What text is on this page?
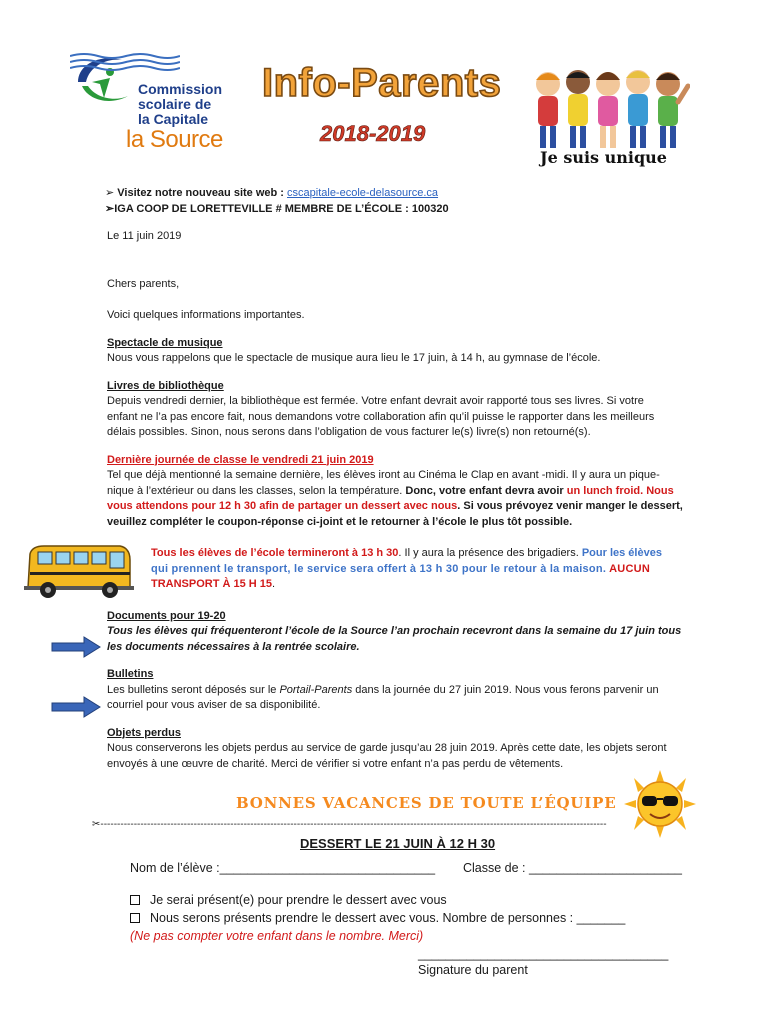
Commission
scolaire de
la Capitale
la Source
Info-Parents
2018-2019
Je suis unique
➢ Visitez notre nouveau site web : cscapitale-ecole-delasource.ca
➢IGA COOP DE LORETTEVILLE # MEMBRE DE L’ÉCOLE : 100320
Le 11 juin 2019
Chers parents,
Voici quelques informations importantes.
Spectacle de musique
Nous vous rappelons que le spectacle de musique aura lieu le 17 juin, à 14 h, au gymnase de l’école.
Livres de bibliothèque
Depuis vendredi dernier, la bibliothèque est fermée. Votre enfant devrait avoir rapporté tous ses livres. Si votre
enfant ne l’a pas encore fait, nous demandons votre collaboration afin qu’il puisse le rapporter dans les meilleurs
délais possibles. Sinon, nous serons dans l’obligation de vous facturer le(s) livre(s) non retourné(s).
Dernière journée de classe le vendredi 21 juin 2019
Tel que déjà mentionné la semaine dernière, les élèves iront au Cinéma le Clap en avant -midi. Il y aura un pique-
nique à l’extérieur ou dans les classes, selon la température. Donc, votre enfant devra avoir un lunch froid. Nous
vous attendons pour 12 h 30 afin de partager un dessert avec nous. Si vous prévoyez venir manger le dessert,
veuillez compléter le coupon-réponse ci-joint et le retourner à l’école le plus tôt possible.
Tous les élèves de l’école termineront à 13 h 30. Il y aura la présence des brigadiers. Pour les élèves
qui prennent le transport, le service sera offert à 13 h 30 pour le retour à la maison. AUCUN
TRANSPORT À 15 H 15.
Documents pour 19-20
Tous les élèves qui fréquenteront l’école de la Source l’an prochain recevront dans la semaine du 17 juin tous
les documents nécessaires à la rentrée scolaire.
Bulletins
Les bulletins seront déposés sur le Portail-Parents dans la journée du 27 juin 2019. Nous vous ferons parvenir un
courriel pour vous aviser de sa disponibilité.
Objets perdus
Nous conserverons les objets perdus au service de garde jusqu’au 28 juin 2019. Après cette date, les objets seront
envoyés à une œuvre de charité. Merci de vérifier si votre enfant n’a pas perdu de vêtements.
BONNES VACANCES DE TOUTE L’ÉQUIPE
✂--------------------------------------------------------------------------------------------------------------------------------------------------------
DESSERT LE 21 JUIN À 12 H 30
Nom de l’élève :_______________________________ Classe de : ______________________
Je serai présent(e) pour prendre le dessert avec vous
Nous serons présents prendre le dessert avec vous. Nombre de personnes : _______
(Ne pas compter votre enfant dans le nombre. Merci)
____________________________________
Signature du parent
